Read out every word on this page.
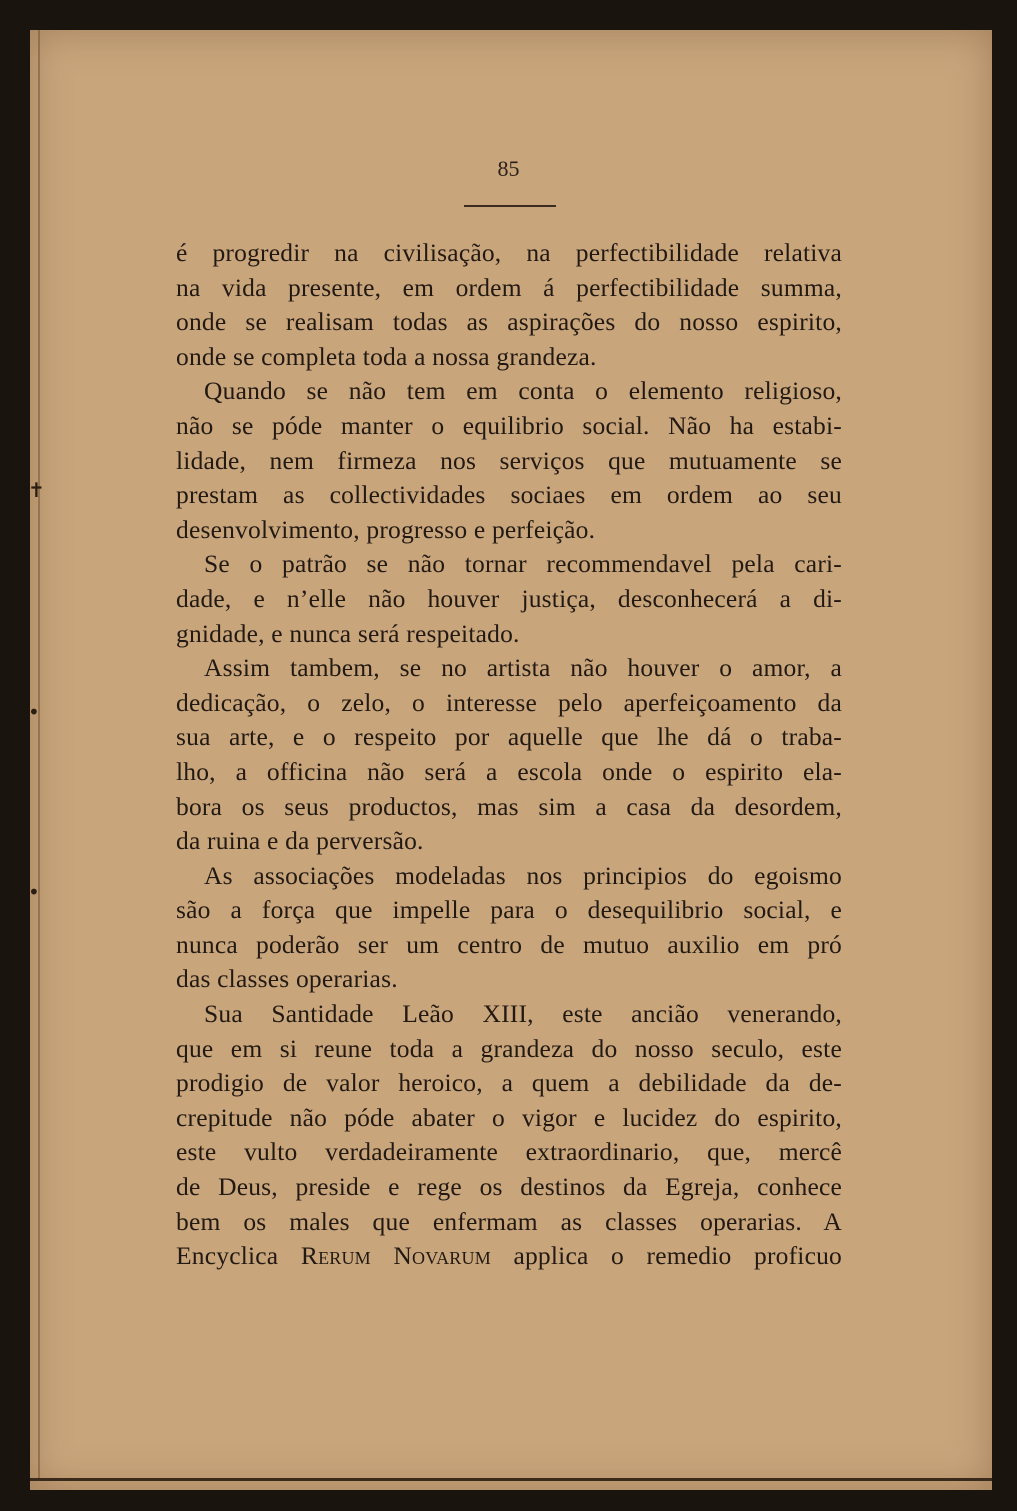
✝
•
•
85
é progredir na civilisação, na perfectibilidade relativa
na vida presente, em ordem á perfectibilidade summa,
onde se realisam todas as aspirações do nosso espirito,
onde se completa toda a nossa grandeza.
Quando se não tem em conta o elemento religioso,
não se póde manter o equilibrio social. Não ha estabi-
lidade, nem firmeza nos serviços que mutuamente se
prestam as collectividades sociaes em ordem ao seu
desenvolvimento, progresso e perfeição.
Se o patrão se não tornar recommendavel pela cari-
dade, e n’elle não houver justiça, desconhecerá a di-
gnidade, e nunca será respeitado.
Assim tambem, se no artista não houver o amor, a
dedicação, o zelo, o interesse pelo aperfeiçoamento da
sua arte, e o respeito por aquelle que lhe dá o traba-
lho, a officina não será a escola onde o espirito ela-
bora os seus productos, mas sim a casa da desordem,
da ruina e da perversão.
As associações modeladas nos principios do egoismo
são a força que impelle para o desequilibrio social, e
nunca poderão ser um centro de mutuo auxilio em pró
das classes operarias.
Sua Santidade Leão XIII, este ancião venerando,
que em si reune toda a grandeza do nosso seculo, este
prodigio de valor heroico, a quem a debilidade da de-
crepitude não póde abater o vigor e lucidez do espirito,
este vulto verdadeiramente extraordinario, que, mercê
de Deus, preside e rege os destinos da Egreja, conhece
bem os males que enfermam as classes operarias. A
Encyclica Rerum Novarum applica o remedio proficuo
